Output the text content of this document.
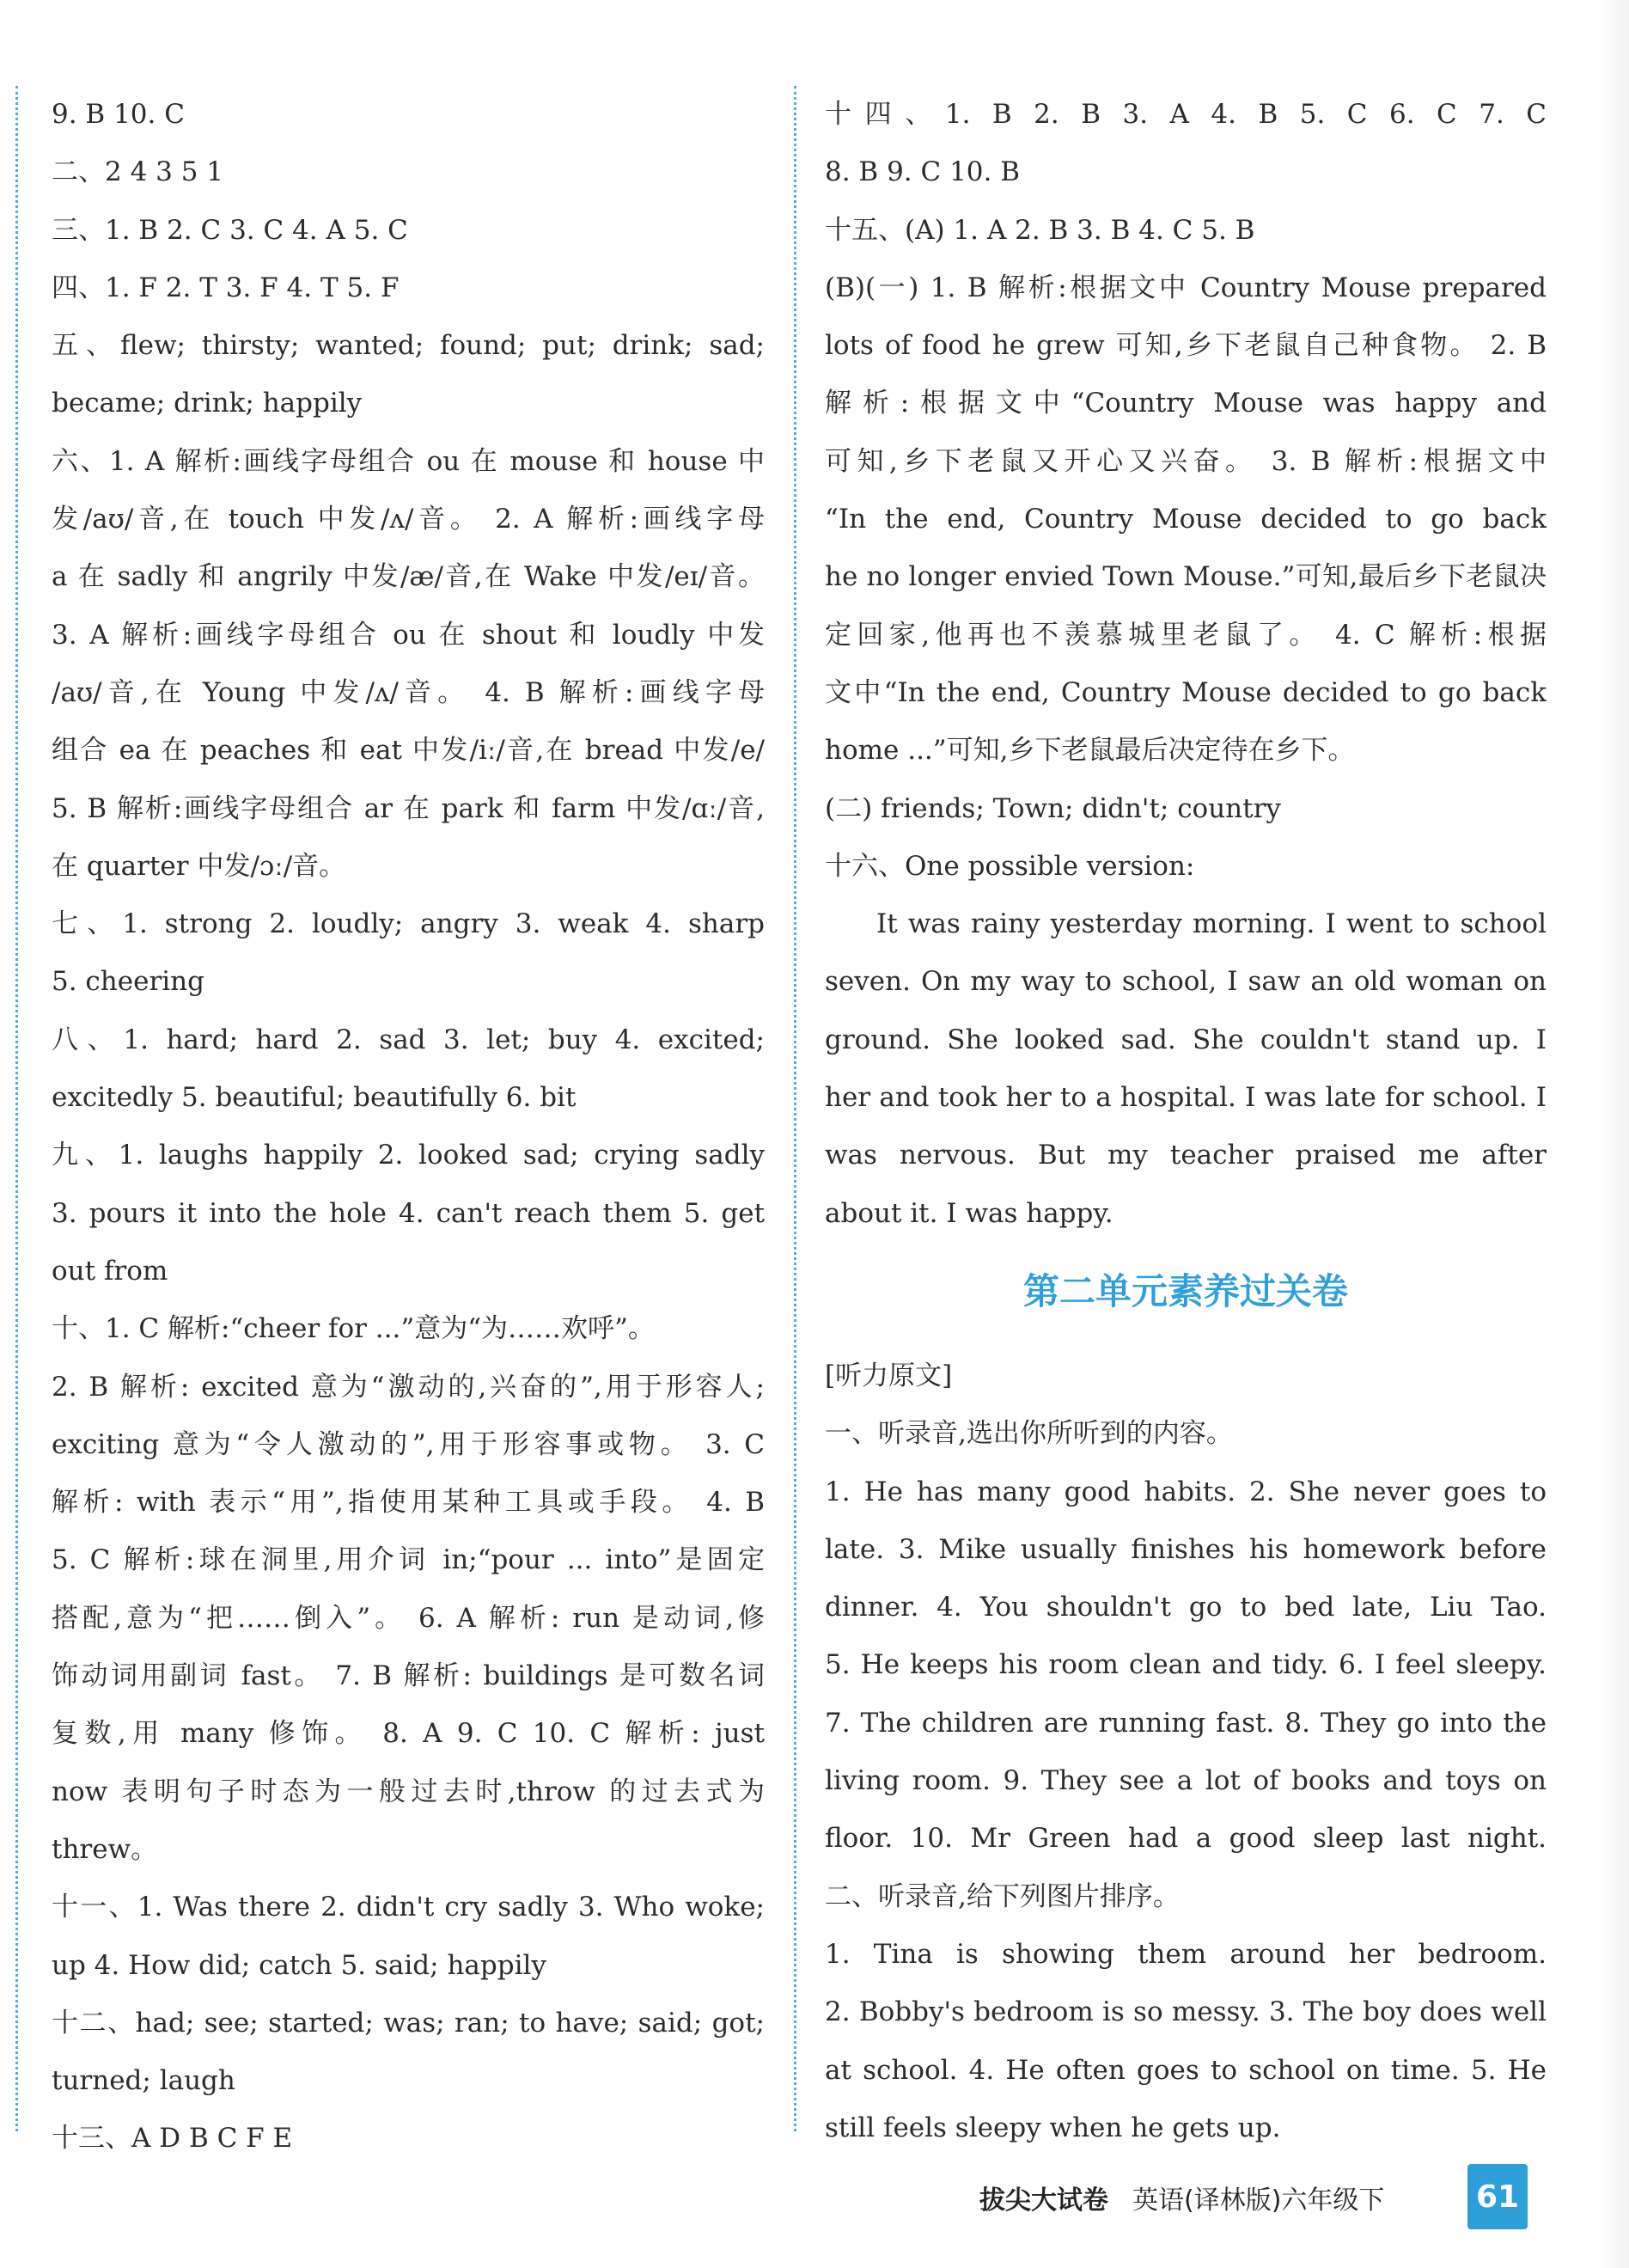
9. B 10. C
二、2 4 3 5 1
三、1. B 2. C 3. C 4. A 5. C
四、1. F 2. T 3. F 4. T 5. F
五、flew; thirsty; wanted; found; put; drink; sad;
became; drink; happily
六、1. A 解析:画线字母组合 ou 在 mouse 和 house 中
发/aʊ/音,在 touch 中发/ʌ/音。 2. A 解析:画线字母
a 在 sadly 和 angrily 中发/æ/音,在 Wake 中发/eɪ/音。
3. A 解析:画线字母组合 ou 在 shout 和 loudly 中发
/aʊ/音,在 Young 中发/ʌ/音。 4. B 解析:画线字母
组合 ea 在 peaches 和 eat 中发/iː/音,在 bread 中发/e/
5. B 解析:画线字母组合 ar 在 park 和 farm 中发/ɑː/音,
在 quarter 中发/ɔː/音。
七、1. strong 2. loudly; angry 3. weak 4. sharp
5. cheering
八、1. hard; hard 2. sad 3. let; buy 4. excited;
excitedly 5. beautiful; beautifully 6. bit
九、1. laughs happily 2. looked sad; crying sadly
3. pours it into the hole 4. can't reach them 5. get
out from
十、1. C 解析:“cheer for ...”意为“为……欢呼”。
2. B 解析: excited 意为“激动的,兴奋的”,用于形容人;
exciting 意为“令人激动的”,用于形容事或物。 3. C
解析: with 表示“用”,指使用某种工具或手段。 4. B
5. C 解析:球在洞里,用介词 in;“pour ... into”是固定
搭配,意为“把……倒入”。 6. A 解析: run 是动词,修
饰动词用副词 fast。 7. B 解析: buildings 是可数名词
复数,用 many 修饰。 8. A 9. C 10. C 解析: just
now 表明句子时态为一般过去时,throw 的过去式为
threw。
十一、1. Was there 2. didn't cry sadly 3. Who woke;
up 4. How did; catch 5. said; happily
十二、had; see; started; was; ran; to have; said; got;
turned; laugh
十三、A D B C F E
十四、1. B 2. B 3. A 4. B 5. C 6. C 7. C
8. B 9. C 10. B
十五、(A) 1. A 2. B 3. B 4. C 5. B
(B)(一) 1. B 解析:根据文中 Country Mouse prepared
lots of food he grew 可知,乡下老鼠自己种食物。 2. B
解析:根据文中“Country Mouse was happy and
可知,乡下老鼠又开心又兴奋。 3. B 解析:根据文中
“In the end, Country Mouse decided to go back
he no longer envied Town Mouse.”可知,最后乡下老鼠决
定回家,他再也不羡慕城里老鼠了。 4. C 解析:根据
文中“In the end, Country Mouse decided to go back
home ...”可知,乡下老鼠最后决定待在乡下。
(二) friends; Town; didn't; country
十六、One possible version:
It was rainy yesterday morning. I went to school
seven. On my way to school, I saw an old woman on
ground. She looked sad. She couldn't stand up. I
her and took her to a hospital. I was late for school. I
was nervous. But my teacher praised me after
about it. I was happy.
第二单元素养过关卷
[听力原文]
一、听录音,选出你所听到的内容。
1. He has many good habits. 2. She never goes to
late. 3. Mike usually finishes his homework before
dinner. 4. You shouldn't go to bed late, Liu Tao.
5. He keeps his room clean and tidy. 6. I feel sleepy.
7. The children are running fast. 8. They go into the
living room. 9. They see a lot of books and toys on
floor. 10. Mr Green had a good sleep last night.
二、听录音,给下列图片排序。
1. Tina is showing them around her bedroom.
2. Bobby's bedroom is so messy. 3. The boy does well
at school. 4. He often goes to school on time. 5. He
still feels sleepy when he gets up.
拔尖大试卷 英语(译林版)六年级下	61
